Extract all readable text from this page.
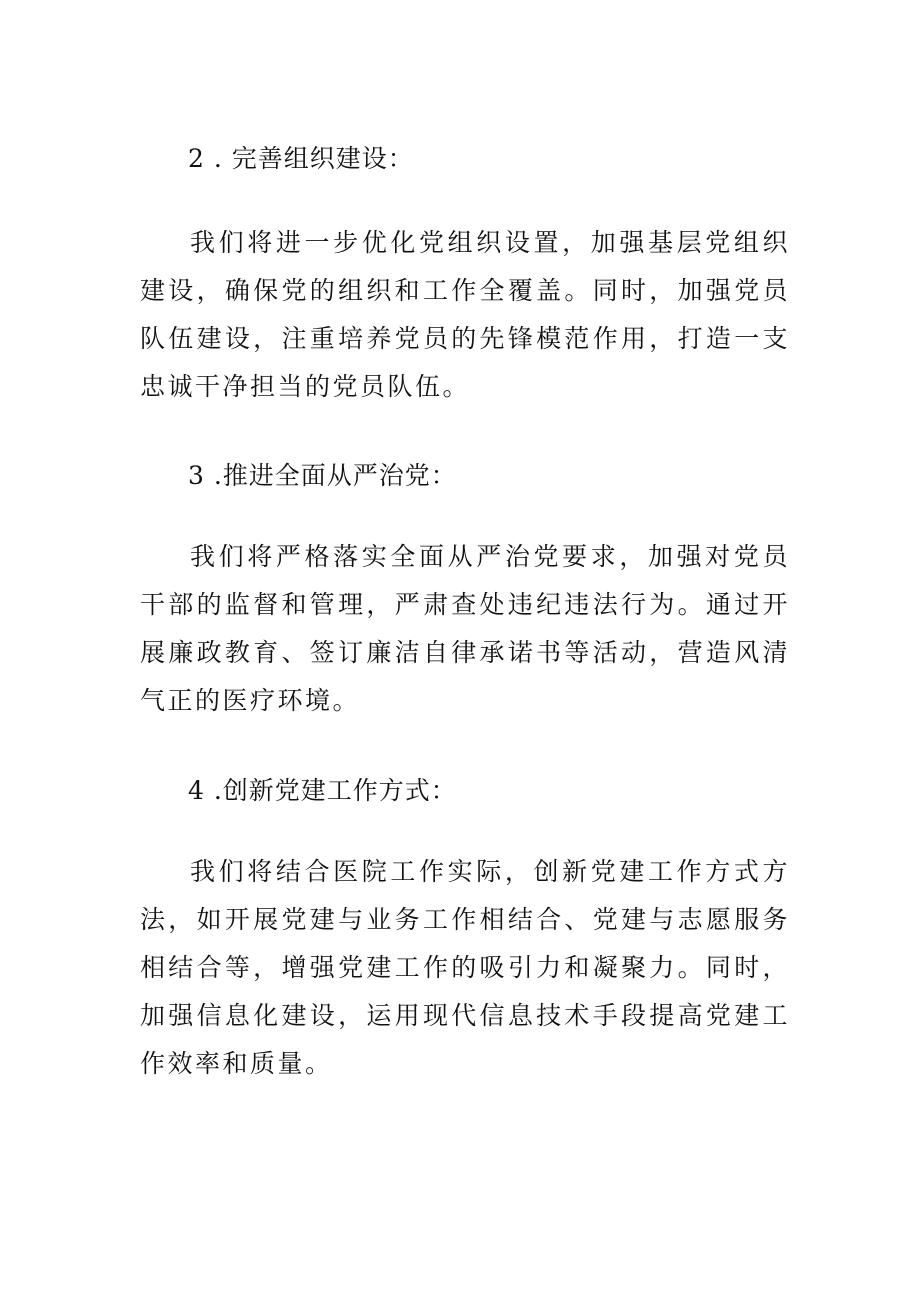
2 . 完善组织建设：
我们将进一步优化党组织设置，加强基层党组织建设，确保党的组织和工作全覆盖。同时，加强党员队伍建设，注重培养党员的先锋模范作用，打造一支忠诚干净担当的党员队伍。
3 .推进全面从严治党：
我们将严格落实全面从严治党要求，加强对党员干部的监督和管理，严肃查处违纪违法行为。通过开展廉政教育、签订廉洁自律承诺书等活动，营造风清气正的医疗环境。
4 .创新党建工作方式：
我们将结合医院工作实际，创新党建工作方式方法，如开展党建与业务工作相结合、党建与志愿服务相结合等，增强党建工作的吸引力和凝聚力。同时，加强信息化建设，运用现代信息技术手段提高党建工作效率和质量。
